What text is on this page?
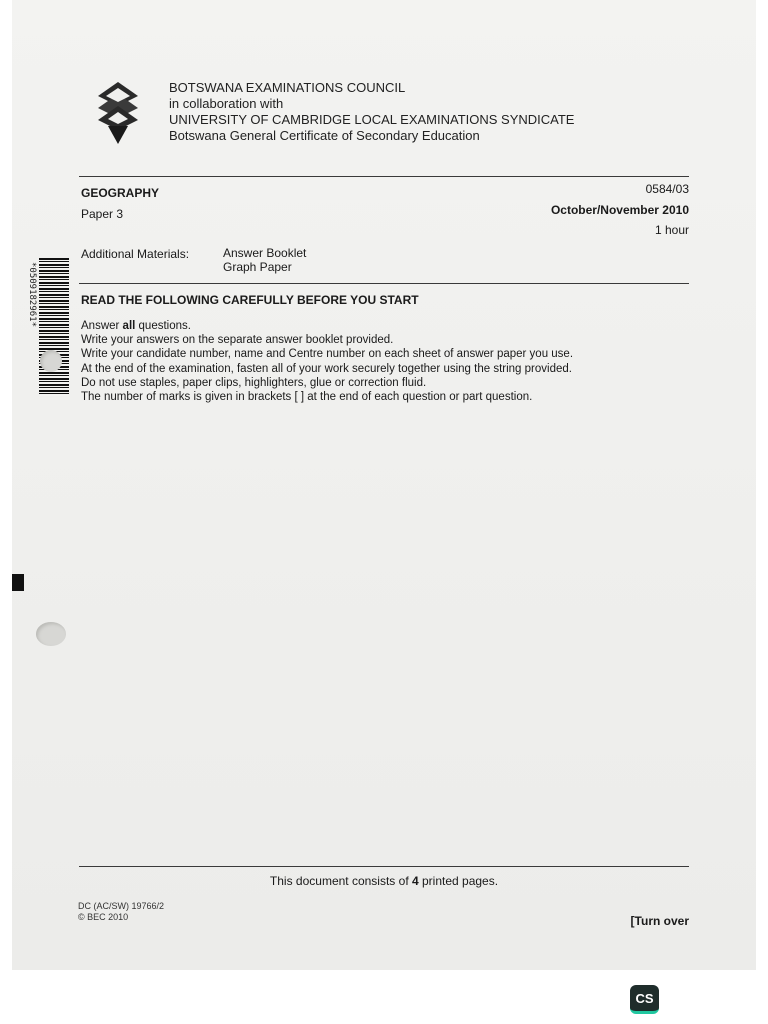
BOTSWANA EXAMINATIONS COUNCIL
in collaboration with
UNIVERSITY OF CAMBRIDGE LOCAL EXAMINATIONS SYNDICATE
Botswana General Certificate of Secondary Education
GEOGRAPHY
Paper 3
0584/03
October/November 2010
1 hour
Additional Materials:	Answer Booklet
Graph Paper
READ THE FOLLOWING CAREFULLY BEFORE YOU START
Answer all questions.
Write your answers on the separate answer booklet provided.
Write your candidate number, name and Centre number on each sheet of answer paper you use.
At the end of the examination, fasten all of your work securely together using the string provided.
Do not use staples, paper clips, highlighters, glue or correction fluid.
The number of marks is given in brackets [ ] at the end of each question or part question.
*0509182961*
This document consists of 4 printed pages.
DC (AC/SW) 19766/2
© BEC 2010	[Turn over
CS
